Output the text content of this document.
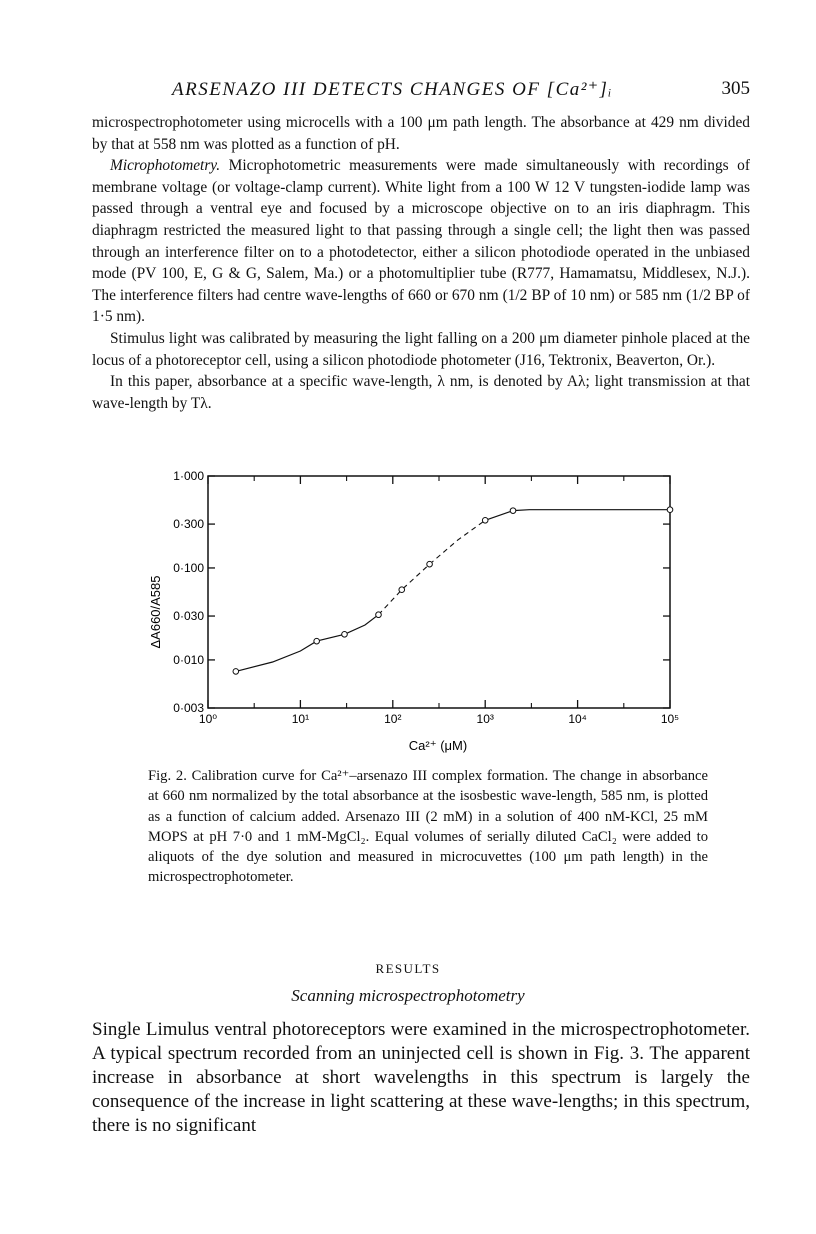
ARSENAZO III DETECTS CHANGES OF [Ca²⁺]ᵢ	305

microspectrophotometer using microcells with a 100 μm path length. The absorbance at 429 nm divided by that at 558 nm was plotted as a function of pH.

Microphotometry. Microphotometric measurements were made simultaneously with recordings of membrane voltage (or voltage-clamp current). White light from a 100 W 12 V tungsten-iodide lamp was passed through a ventral eye and focused by a microscope objective on to an iris diaphragm. This diaphragm restricted the measured light to that passing through a single cell; the light then was passed through an interference filter on to a photodetector, either a silicon photodiode operated in the unbiased mode (PV 100, E, G & G, Salem, Ma.) or a photomultiplier tube (R777, Hamamatsu, Middlesex, N.J.). The interference filters had centre wave-lengths of 660 or 670 nm (1/2 BP of 10 nm) or 585 nm (1/2 BP of 1·5 nm).

Stimulus light was calibrated by measuring the light falling on a 200 μm diameter pinhole placed at the locus of a photoreceptor cell, using a silicon photodiode photometer (J16, Tektronix, Beaverton, Or.).

In this paper, absorbance at a specific wave-length, λ nm, is denoted by Aλ; light transmission at that wave-length by Tλ.

0·003
0·010
0·030
0·100
0·300
1·000
10⁰	10¹	10²	10³	10⁴	10⁵
Ca²⁺ (μM)
ΔA660/A585

Fig. 2. Calibration curve for Ca²⁺–arsenazo III complex formation. The change in absorbance at 660 nm normalized by the total absorbance at the isosbestic wave-length, 585 nm, is plotted as a function of calcium added. Arsenazo III (2 mM) in a solution of 400 nM-KCl, 25 mM MOPS at pH 7·0 and 1 mM-MgCl₂. Equal volumes of serially diluted CaCl₂ were added to aliquots of the dye solution and measured in microcuvettes (100 μm path length) in the microspectrophotometer.

RESULTS
Scanning microspectrophotometry

Single Limulus ventral photoreceptors were examined in the microspectrophotometer. A typical spectrum recorded from an uninjected cell is shown in Fig. 3. The apparent increase in absorbance at short wavelengths in this spectrum is largely the consequence of the increase in light scattering at these wave-lengths; in this spectrum, there is no significant
